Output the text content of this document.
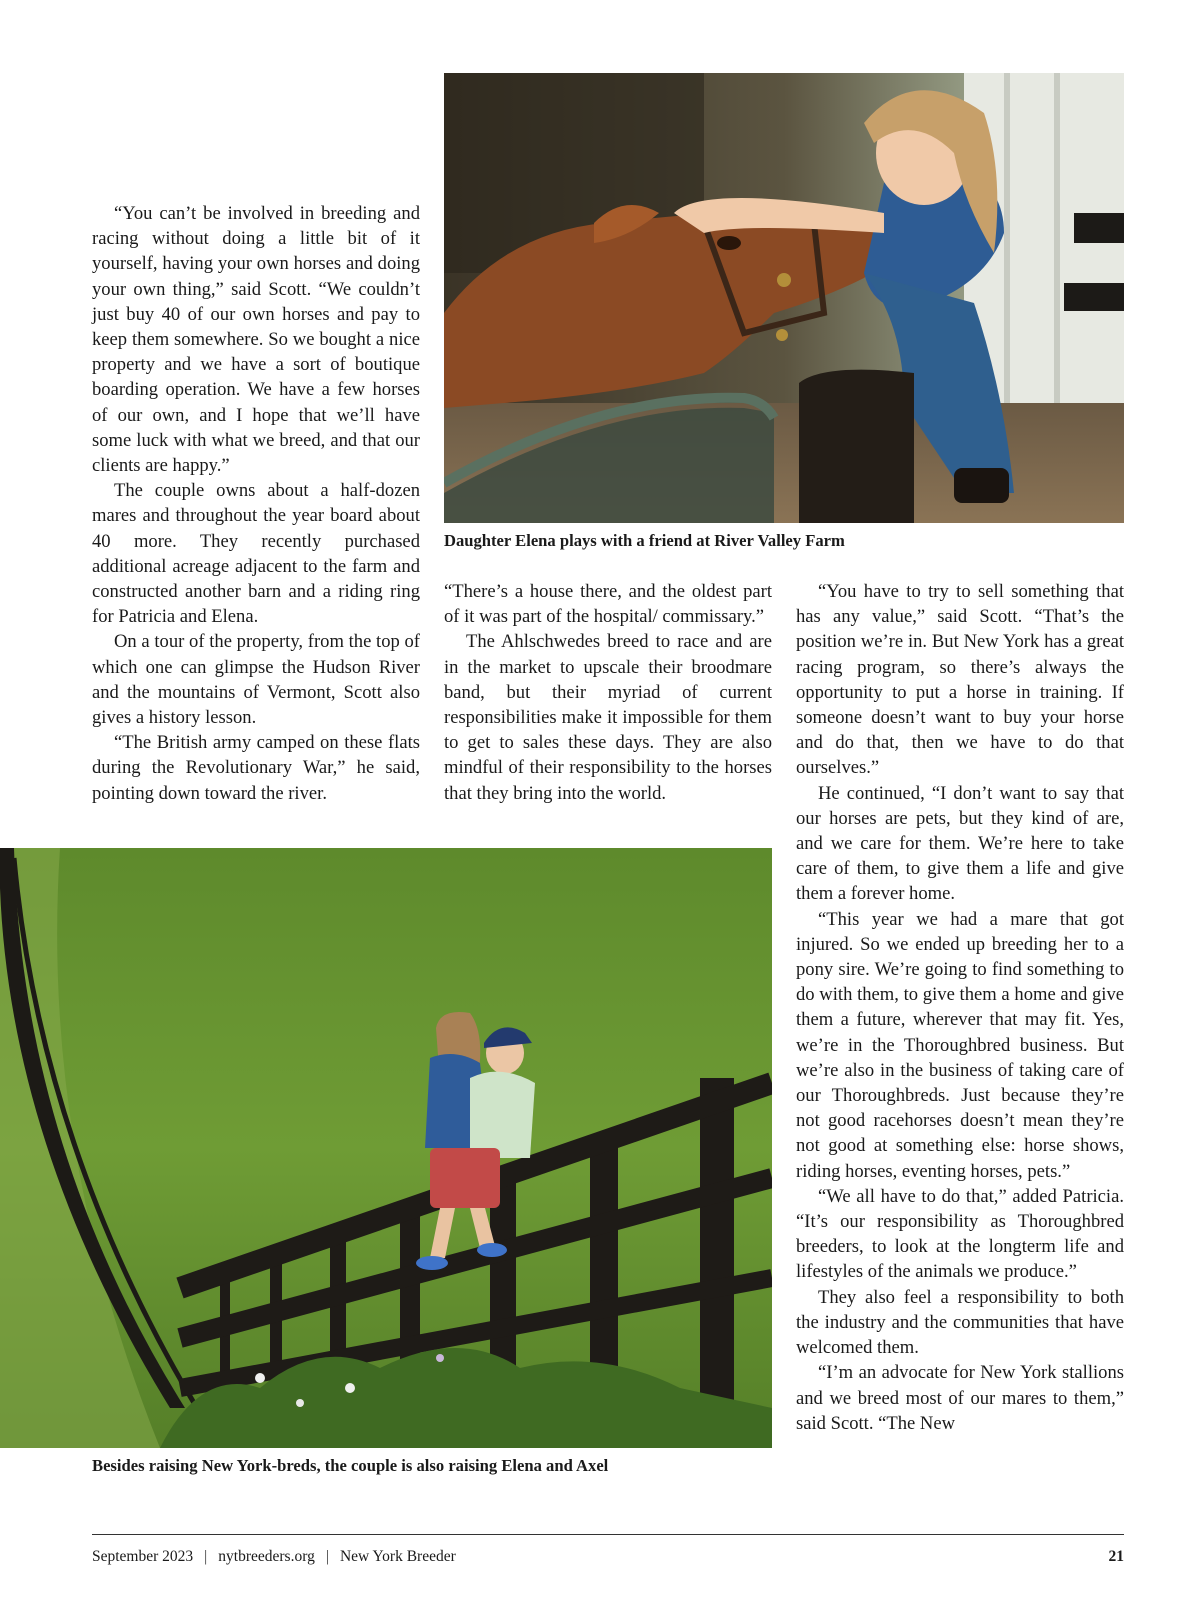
“You can’t be involved in breeding and racing without doing a little bit of it yourself, having your own horses and doing your own thing,” said Scott. “We couldn’t just buy 40 of our own horses and pay to keep them somewhere. So we bought a nice property and we have a sort of boutique boarding operation. We have a few horses of our own, and I hope that we’ll have some luck with what we breed, and that our clients are happy.”

The couple owns about a half-dozen mares and throughout the year board about 40 more. They recently purchased additional acreage adjacent to the farm and constructed another barn and a riding ring for Patricia and Elena.

On a tour of the property, from the top of which one can glimpse the Hudson River and the mountains of Vermont, Scott also gives a history lesson.

“The British army camped on these flats during the Revolutionary War,” he said, pointing down toward the river.

Daughter Elena plays with a friend at River Valley Farm

“There’s a house there, and the oldest part of it was part of the hospital/ commissary.”

The Ahlschwedes breed to race and are in the market to upscale their broodmare band, but their myriad of current responsibilities make it impossible for them to get to sales these days. They are also mindful of their responsibility to the horses that they bring into the world.

“You have to try to sell something that has any value,” said Scott. “That’s the position we’re in. But New York has a great racing program, so there’s always the opportunity to put a horse in training. If someone doesn’t want to buy your horse and do that, then we have to do that ourselves.”

He continued, “I don’t want to say that our horses are pets, but they kind of are, and we care for them. We’re here to take care of them, to give them a life and give them a forever home.

“This year we had a mare that got injured. So we ended up breeding her to a pony sire. We’re going to find something to do with them, to give them a home and give them a future, wherever that may fit. Yes, we’re in the Thoroughbred business. But we’re also in the business of taking care of our Thoroughbreds. Just because they’re not good racehorses doesn’t mean they’re not good at something else: horse shows, riding horses, eventing horses, pets.”

“We all have to do that,” added Patricia. “It’s our responsibility as Thoroughbred breeders, to look at the longterm life and lifestyles of the animals we produce.”

They also feel a responsibility to both the industry and the communities that have welcomed them.

“I’m an advocate for New York stallions and we breed most of our mares to them,” said Scott. “The New

Besides raising New York-breds, the couple is also raising Elena and Axel
September 2023 | nytbreeders.org | New York Breeder	21
